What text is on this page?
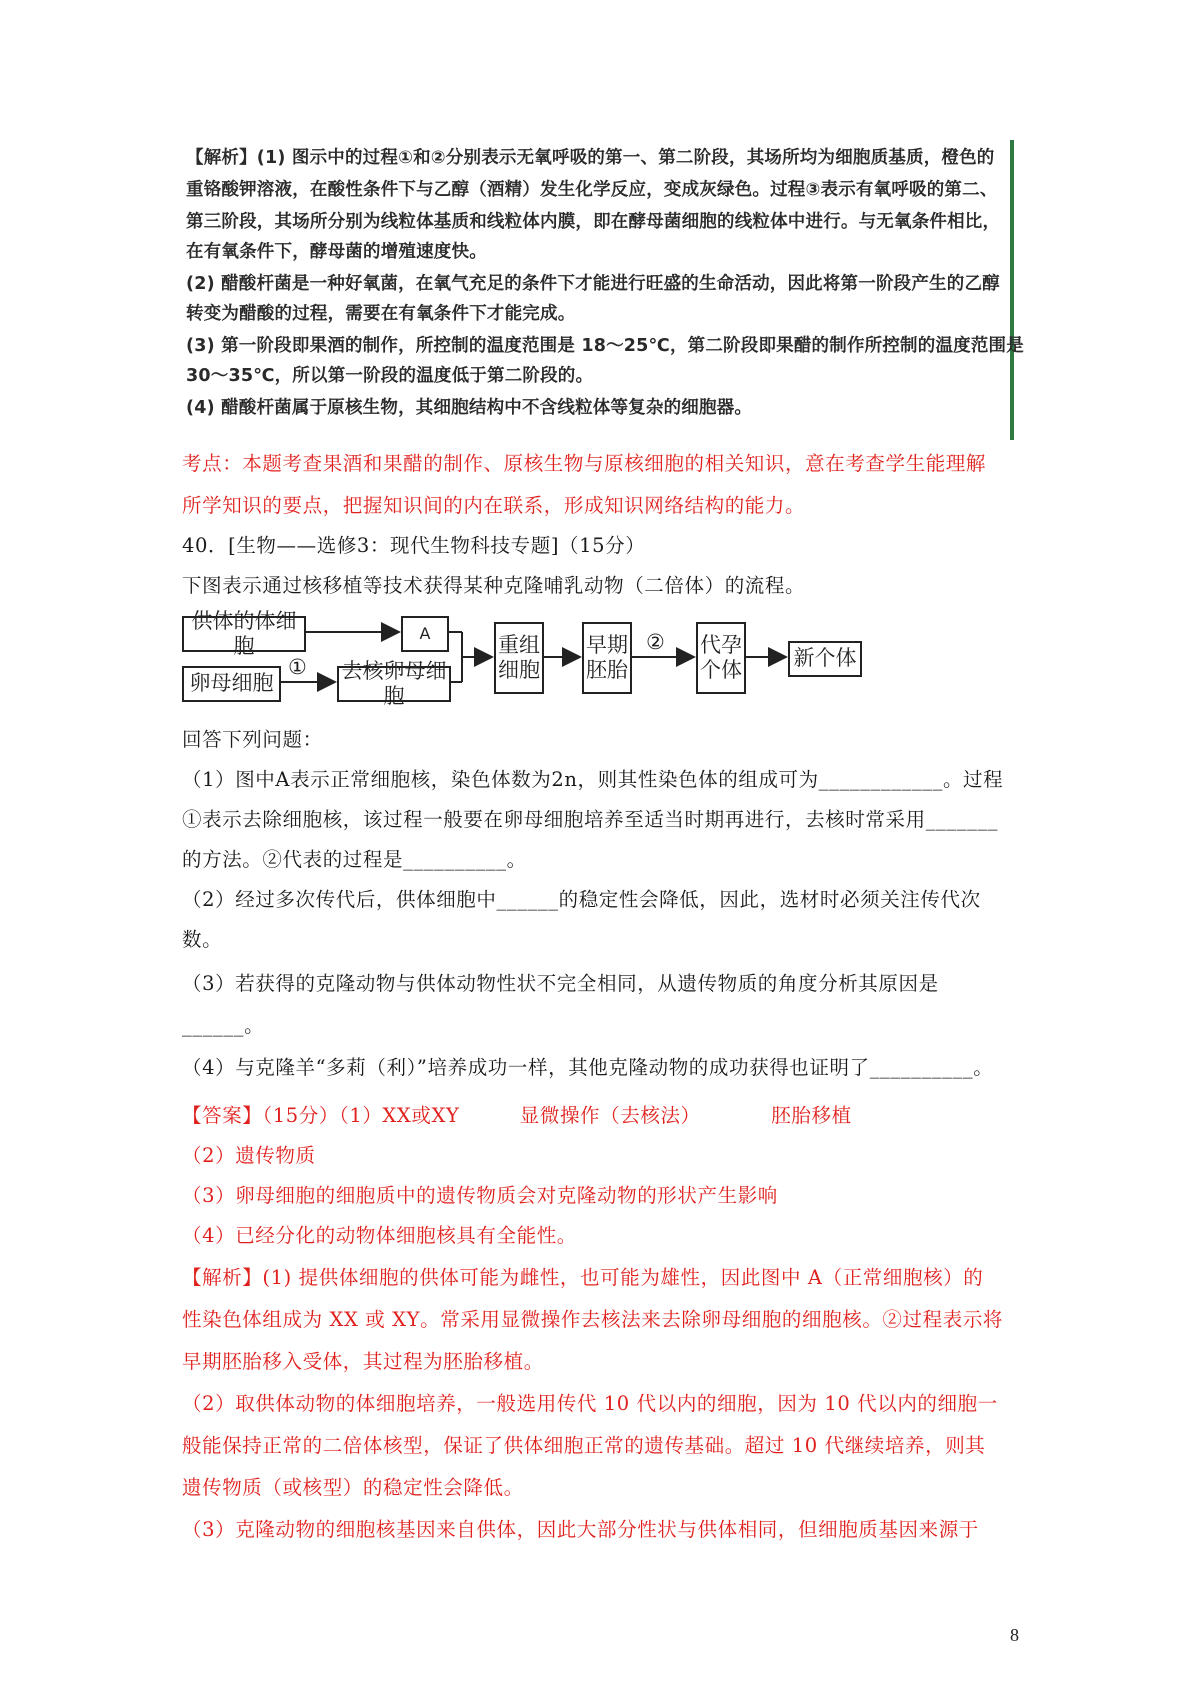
【解析】(1) 图示中的过程①和②分别表示无氧呼吸的第一、第二阶段，其场所均为细胞质基质，橙色的

重铬酸钾溶液，在酸性条件下与乙醇（酒精）发生化学反应，变成灰绿色。过程③表示有氧呼吸的第二、

第三阶段，其场所分别为线粒体基质和线粒体内膜，即在酵母菌细胞的线粒体中进行。与无氧条件相比，

在有氧条件下，酵母菌的增殖速度快。

(2) 醋酸杆菌是一种好氧菌，在氧气充足的条件下才能进行旺盛的生命活动，因此将第一阶段产生的乙醇

转变为醋酸的过程，需要在有氧条件下才能完成。

(3) 第一阶段即果酒的制作，所控制的温度范围是 18～25℃，第二阶段即果醋的制作所控制的温度范围是

30～35℃，所以第一阶段的温度低于第二阶段的。

(4) 醋酸杆菌属于原核生物，其细胞结构中不含线粒体等复杂的细胞器。

考点：本题考查果酒和果醋的制作、原核生物与原核细胞的相关知识，意在考查学生能理解
所学知识的要点，把握知识间的内在联系，形成知识网络结构的能力。
40．[生物——选修3：现代生物科技专题]（15分）
下图表示通过核移植等技术获得某种克隆哺乳动物（二倍体）的流程。
供体的体细胞
A
卵母细胞
① 去核卵母细胞
重组细胞
早期胚胎
② 代孕个体 新个体
回答下列问题：
（1）图中A表示正常细胞核，染色体数为2n，则其性染色体的组成可为____________。过程
①表示去除细胞核，该过程一般要在卵母细胞培养至适当时期再进行，去核时常采用_______
的方法。②代表的过程是__________。
（2）经过多次传代后，供体细胞中______的稳定性会降低，因此，选材时必须关注传代次
数。
（3）若获得的克隆动物与供体动物性状不完全相同，从遗传物质的角度分析其原因是
______。
（4）与克隆羊“多莉（利）”培养成功一样，其他克隆动物的成功获得也证明了__________。
【答案】（15分）（1）XX或XY　　　显微操作（去核法）　　　　胚胎移植
（2）遗传物质
（3）卵母细胞的细胞质中的遗传物质会对克隆动物的形状产生影响
（4）已经分化的动物体细胞核具有全能性。
【解析】(1) 提供体细胞的供体可能为雌性，也可能为雄性，因此图中 A（正常细胞核）的
性染色体组成为 XX 或 XY。常采用显微操作去核法来去除卵母细胞的细胞核。②过程表示将
早期胚胎移入受体，其过程为胚胎移植。
（2）取供体动物的体细胞培养，一般选用传代 10 代以内的细胞，因为 10 代以内的细胞一
般能保持正常的二倍体核型，保证了供体细胞正常的遗传基础。超过 10 代继续培养，则其
遗传物质（或核型）的稳定性会降低。
（3）克隆动物的细胞核基因来自供体，因此大部分性状与供体相同，但细胞质基因来源于
8
